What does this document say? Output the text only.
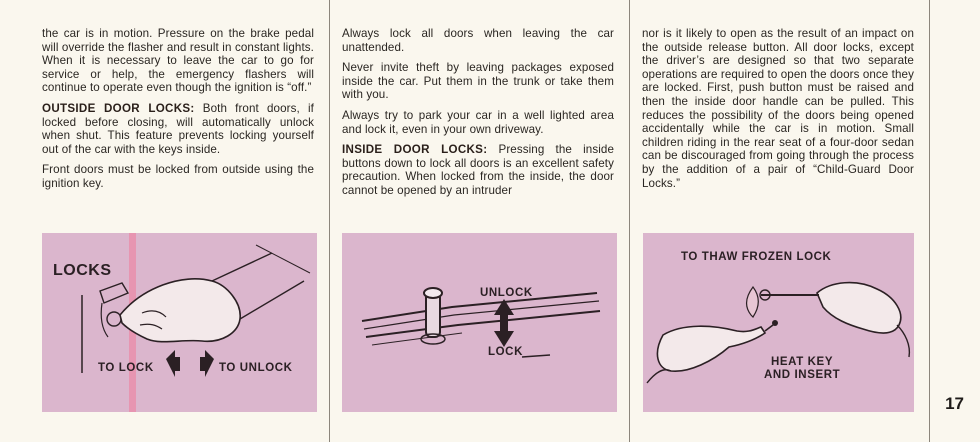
the car is in motion. Pressure on the brake pedal will override the flasher and result in constant lights. When it is necessary to leave the car to go for service or help, the emergency flashers will continue to operate even though the ignition is “off.”

OUTSIDE DOOR LOCKS: Both front doors, if locked before closing, will automatically unlock when shut. This feature prevents locking yourself out of the car with the keys inside.

Front doors must be locked from outside using the ignition key.

Always lock all doors when leaving the car unattended.

Never invite theft by leaving packages exposed inside the car. Put them in the trunk or take them with you.

Always try to park your car in a well lighted area and lock it, even in your own driveway.

INSIDE DOOR LOCKS: Pressing the inside buttons down to lock all doors is an excellent safety precaution. When locked from the inside, the door cannot be opened by an intruder

nor is it likely to open as the result of an impact on the outside release button. All door locks, except the driver’s are designed so that two separate operations are required to open the doors once they are locked. First, push button must be raised and then the inside door handle can be pulled. This reduces the possibility of the doors being opened accidentally while the car is in motion. Small children riding in the rear seat of a four-door sedan can be discouraged from going through the process by the addition of a pair of “Child-Guard Door Locks.”

LOCKS
TO LOCK	TO UNLOCK
UNLOCK
LOCK
TO THAW FROZEN LOCK
HEAT KEY
AND INSERT
17
